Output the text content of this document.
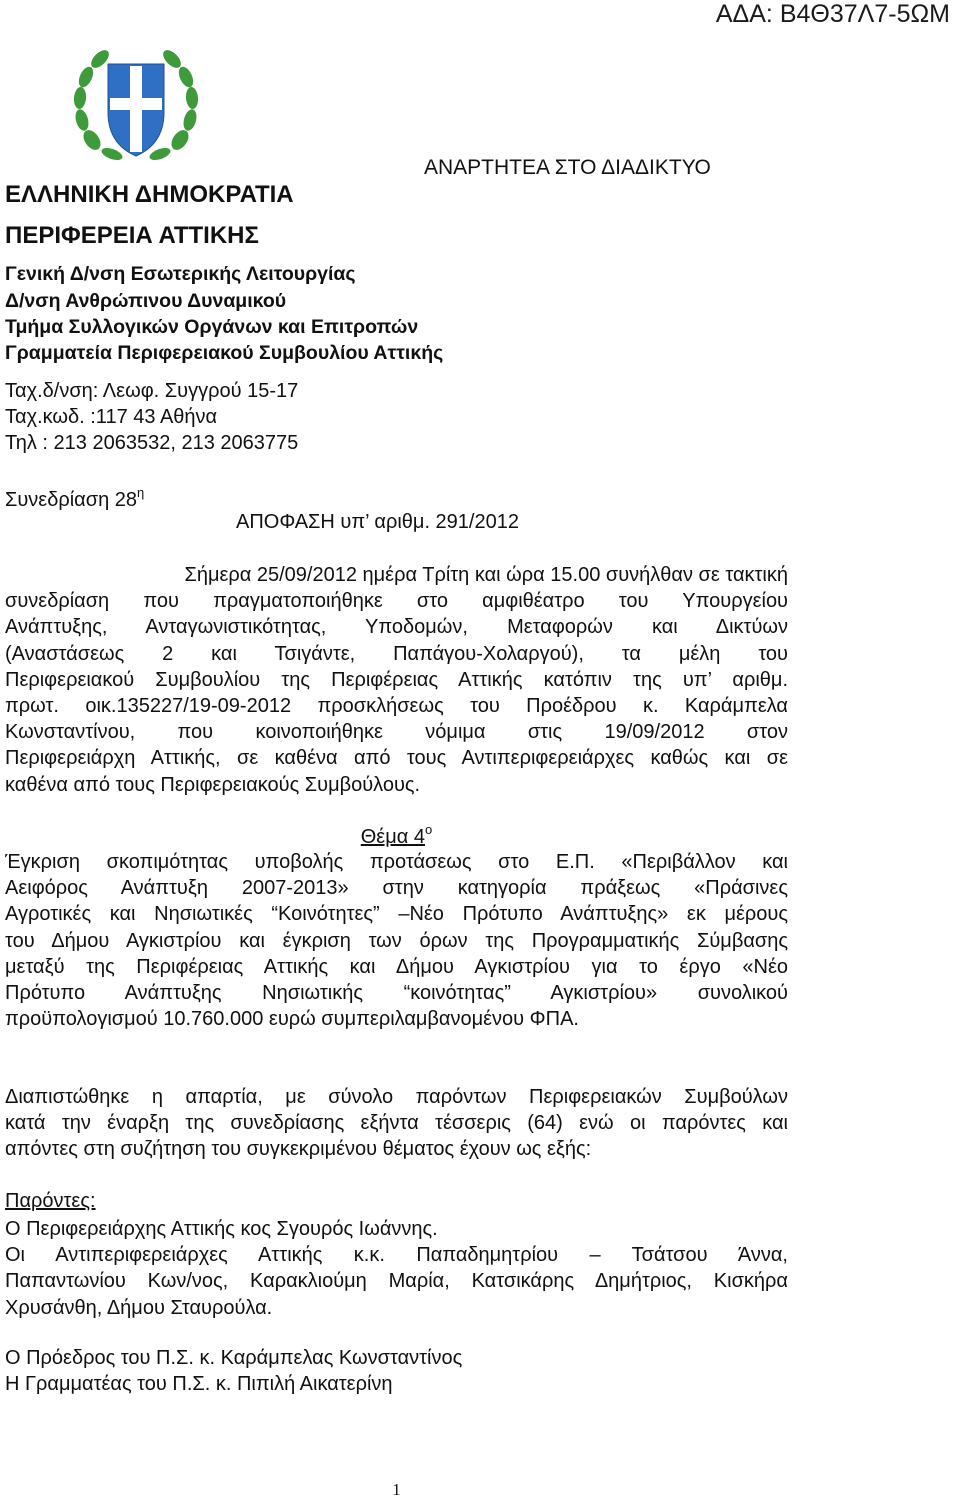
ΑΔΑ: Β4Θ37Λ7-5ΩΜ
ΑΝΑΡΤΗΤΕΑ ΣΤΟ ΔΙΑΔΙΚΤΥΟ
ΕΛΛΗΝΙΚΗ ΔΗΜΟΚΡΑΤΙΑ
ΠΕΡΙΦΕΡΕΙΑ ΑΤΤΙΚΗΣ
Γενική Δ/νση Εσωτερικής Λειτουργίας
Δ/νση Ανθρώπινου Δυναμικού
Τμήμα Συλλογικών Οργάνων και Επιτροπών
Γραμματεία Περιφερειακού Συμβουλίου Αττικής
Ταχ.δ/νση: Λεωφ. Συγγρού 15-17
Ταχ.κωδ. :117 43 Αθήνα
Τηλ : 213 2063532, 213 2063775
Συνεδρίαση $28^\eta$
ΑΠΟΦΑΣΗ υπ’ αριθμ. 291/2012
Σήμερα 25/09/2012 ημέρα Τρίτη και ώρα 15.00 συνήλθαν σε τακτική
συνεδρίαση που πραγματοποιήθηκε στο αμφιθέατρο του Υπουργείου
Ανάπτυξης, Ανταγωνιστικότητας, Υποδομών, Μεταφορών και Δικτύων
(Αναστάσεως 2 και Τσιγάντε, Παπάγου-Χολαργού), τα μέλη του
Περιφερειακού Συμβουλίου της Περιφέρειας Αττικής κατόπιν της υπ’ αριθμ.
πρωτ. οικ.135227/19-09-2012 προσκλήσεως του Προέδρου κ. Καράμπελα
Κωνσταντίνου, που κοινοποιήθηκε νόμιμα στις 19/09/2012 στον
Περιφερειάρχη Αττικής, σε καθένα από τους Αντιπεριφερειάρχες καθώς και σε
καθένα από τους Περιφερειακούς Συμβούλους.
Θέμα $4^o$
Έγκριση σκοπιμότητας υποβολής προτάσεως στο Ε.Π. «Περιβάλλον και
Αειφόρος Ανάπτυξη 2007-2013» στην κατηγορία πράξεως «Πράσινες
Αγροτικές και Νησιωτικές “Κοινότητες” –Νέο Πρότυπο Ανάπτυξης» εκ μέρους
του Δήμου Αγκιστρίου και έγκριση των όρων της Προγραμματικής Σύμβασης
μεταξύ της Περιφέρειας Αττικής και Δήμου Αγκιστρίου για το έργο «Νέο
Πρότυπο Ανάπτυξης Νησιωτικής “κοινότητας” Αγκιστρίου» συνολικού
προϋπολογισμού 10.760.000 ευρώ συμπεριλαμβανομένου ΦΠΑ.
Διαπιστώθηκε η απαρτία, με σύνολο παρόντων Περιφερειακών Συμβούλων
κατά την έναρξη της συνεδρίασης εξήντα τέσσερις (64) ενώ οι παρόντες και
απόντες στη συζήτηση του συγκεκριμένου θέματος έχουν ως εξής:
Παρόντες:
Ο Περιφερειάρχης Αττικής κος Σγουρός Ιωάννης.
Οι Αντιπεριφερειάρχες Αττικής κ.κ. Παπαδημητρίου – Τσάτσου Άννα,
Παπαντωνίου Κων/νος, Καρακλιούμη Μαρία, Κατσικάρης Δημήτριος, Κισκήρα
Χρυσάνθη, Δήμου Σταυρούλα.
Ο Πρόεδρος του Π.Σ. κ. Καράμπελας Κωνσταντίνος
Η Γραμματέας του Π.Σ. κ. Πιπιλή Αικατερίνη
1
